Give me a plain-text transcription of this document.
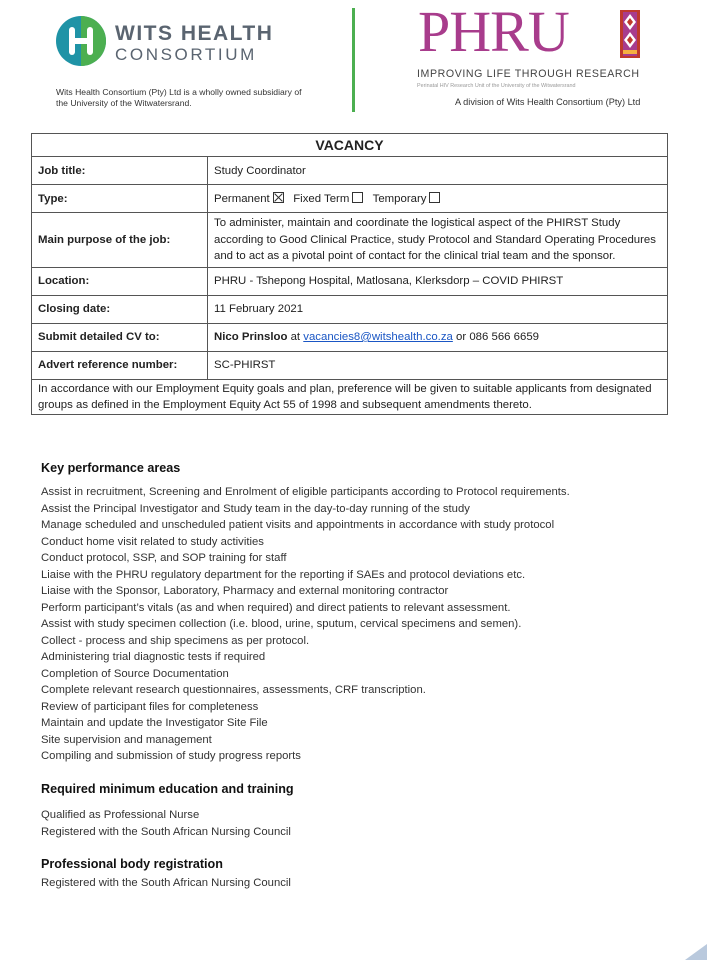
WITS HEALTH
CONSORTIUM
Wits Health Consortium (Pty) Ltd is a wholly owned subsidiary of the University of the Witwatersrand.
PHRU
IMPROVING LIFE THROUGH RESEARCH
Perinatal HIV Research Unit of the University of the Witwatersrand
A division of Wits Health Consortium (Pty) Ltd
VACANCY	
Job title:	Study Coordinator
Type:	Permanent Fixed Term Temporary
Main purpose of the job:	To administer, maintain and coordinate the logistical aspect of the PHIRST Study according to Good Clinical Practice, study Protocol and Standard Operating Procedures and to act as a pivotal point of contact for the clinical trial team and the sponsor.
Location:	PHRU - Tshepong Hospital, Matlosana, Klerksdorp – COVID PHIRST
Closing date:	11 February 2021
Submit detailed CV to:	Nico Prinsloo at vacancies8@witshealth.co.za or 086 566 6659
Advert reference number:	SC-PHIRST
In accordance with our Employment Equity goals and plan, preference will be given to suitable applicants from designated groups as defined in the Employment Equity Act 55 of 1998 and subsequent amendments thereto.	
Key performance areas
Assist in recruitment, Screening and Enrolment of eligible participants according to Protocol requirements.
Assist the Principal Investigator and Study team in the day-to-day running of the study
Manage scheduled and unscheduled patient visits and appointments in accordance with study protocol
Conduct home visit related to study activities
Conduct protocol, SSP, and SOP training for staff
Liaise with the PHRU regulatory department for the reporting if SAEs and protocol deviations etc.
Liaise with the Sponsor, Laboratory, Pharmacy and external monitoring contractor
Perform participant’s vitals (as and when required) and direct patients to relevant assessment.
Assist with study specimen collection (i.e. blood, urine, sputum, cervical specimens and semen).
Collect - process and ship specimens as per protocol.
Administering trial diagnostic tests if required
Completion of Source Documentation
Complete relevant research questionnaires, assessments, CRF transcription.
Review of participant files for completeness
Maintain and update the Investigator Site File
Site supervision and management
Compiling and submission of study progress reports
Required minimum education and training
Qualified as Professional Nurse
Registered with the South African Nursing Council
Professional body registration
Registered with the South African Nursing Council
